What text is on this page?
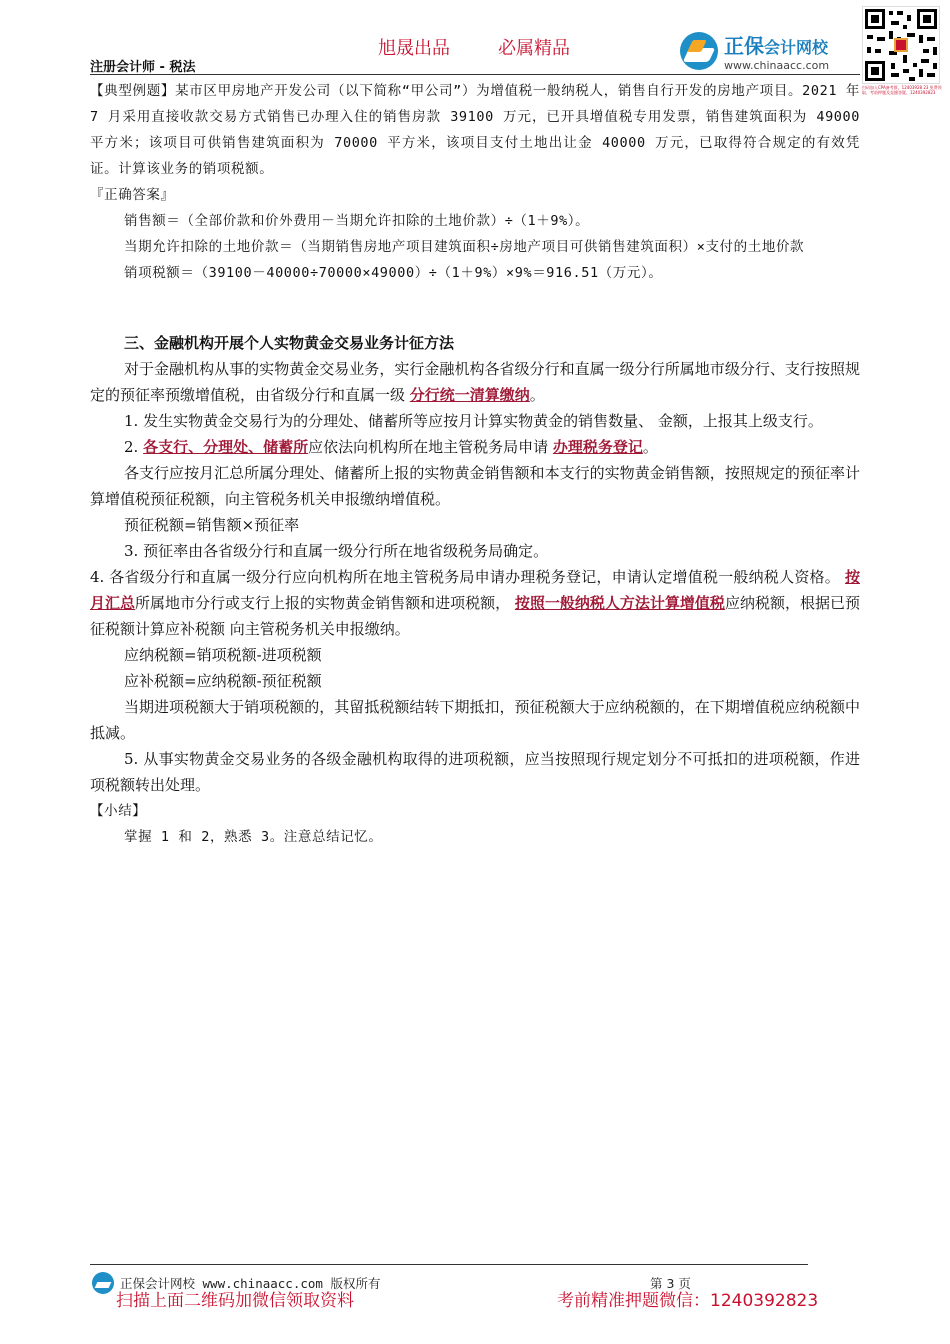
旭晟出品	必属精品
注册会计师 - 税法
正保会计网校
www.chinaacc.com
扫码加入CPA备考群，12403928 23 免费领取，考前押题及直播答疑，1240392823

【典型例题】某市区甲房地产开发公司（以下简称“甲公司”）为增值税一般纳税人，销售自行开发的房地产项目。2021 年 7 月采用直接收款交易方式销售已办理入住的销售房款 39100 万元，已开具增值税专用发票，销售建筑面积为 49000 平方米；该项目可供销售建筑面积为 70000 平方米，该项目支付土地出让金 40000 万元，已取得符合规定的有效凭证。计算该业务的销项税额。

『正确答案』

销售额＝（全部价款和价外费用－当期允许扣除的土地价款）÷（1＋9%）。

当期允许扣除的土地价款＝（当期销售房地产项目建筑面积÷房地产项目可供销售建筑面积）×支付的土地价款

销项税额＝（39100－40000÷70000×49000）÷（1＋9%）×9%＝916.51（万元）。

三、金融机构开展个人实物黄金交易业务计征方法

对于金融机构从事的实物黄金交易业务，实行金融机构各省级分行和直属一级分行所属地市级分行、支行按照规定的预征率预缴增值税，由省级分行和直属一级 分行统一清算缴纳。

1. 发生实物黄金交易行为的分理处、储蓄所等应按月计算实物黄金的销售数量、 金额，上报其上级支行。

2. 各支行、分理处、储蓄所应依法向机构所在地主管税务局申请 办理税务登记。

各支行应按月汇总所属分理处、储蓄所上报的实物黄金销售额和本支行的实物黄金销售额，按照规定的预征率计算增值税预征税额，向主管税务机关申报缴纳增值税。

预征税额=销售额×预征率

3. 预征率由各省级分行和直属一级分行所在地省级税务局确定。

4. 各省级分行和直属一级分行应向机构所在地主管税务局申请办理税务登记，申请认定增值税一般纳税人资格。 按月汇总所属地市分行或支行上报的实物黄金销售额和进项税额， 按照一般纳税人方法计算增值税应纳税额，根据已预征税额计算应补税额 向主管税务机关申报缴纳。

应纳税额=销项税额-进项税额

应补税额=应纳税额-预征税额

当期进项税额大于销项税额的，其留抵税额结转下期抵扣，预征税额大于应纳税额的，在下期增值税应纳税额中抵减。

5. 从事实物黄金交易业务的各级金融机构取得的进项税额，应当按照现行规定划分不可抵扣的进项税额，作进项税额转出处理。

【小结】

掌握 1 和 2，熟悉 3。注意总结记忆。

正保会计网校 www.chinaacc.com 版权所有	第 3 页
扫描上面二维码加微信领取资料	考前精准押题微信：1240392823
